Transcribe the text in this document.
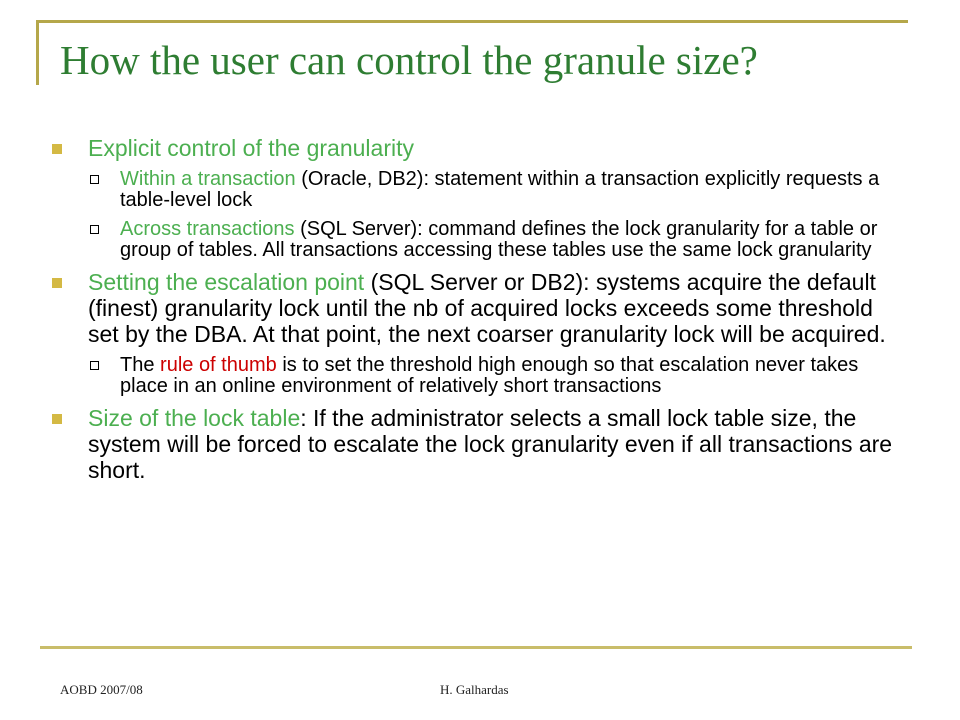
How the user can control the granule size?
Explicit control of the granularity
Within a transaction (Oracle, DB2): statement within a transaction explicitly requests a table-level lock
Across transactions (SQL Server): command defines the lock granularity for a table or group of tables. All transactions accessing these tables use the same lock granularity
Setting the escalation point (SQL Server or DB2): systems acquire the default (finest) granularity lock until the nb of acquired locks exceeds some threshold set by the DBA. At that point, the next coarser granularity lock will be acquired.
The rule of thumb is to set the threshold high enough so that escalation never takes place in an online environment of relatively short transactions
Size of the lock table: If the administrator selects a small lock table size, the system will be forced to escalate the lock granularity even if all transactions are short.
AOBD 2007/08	H. Galhardas
